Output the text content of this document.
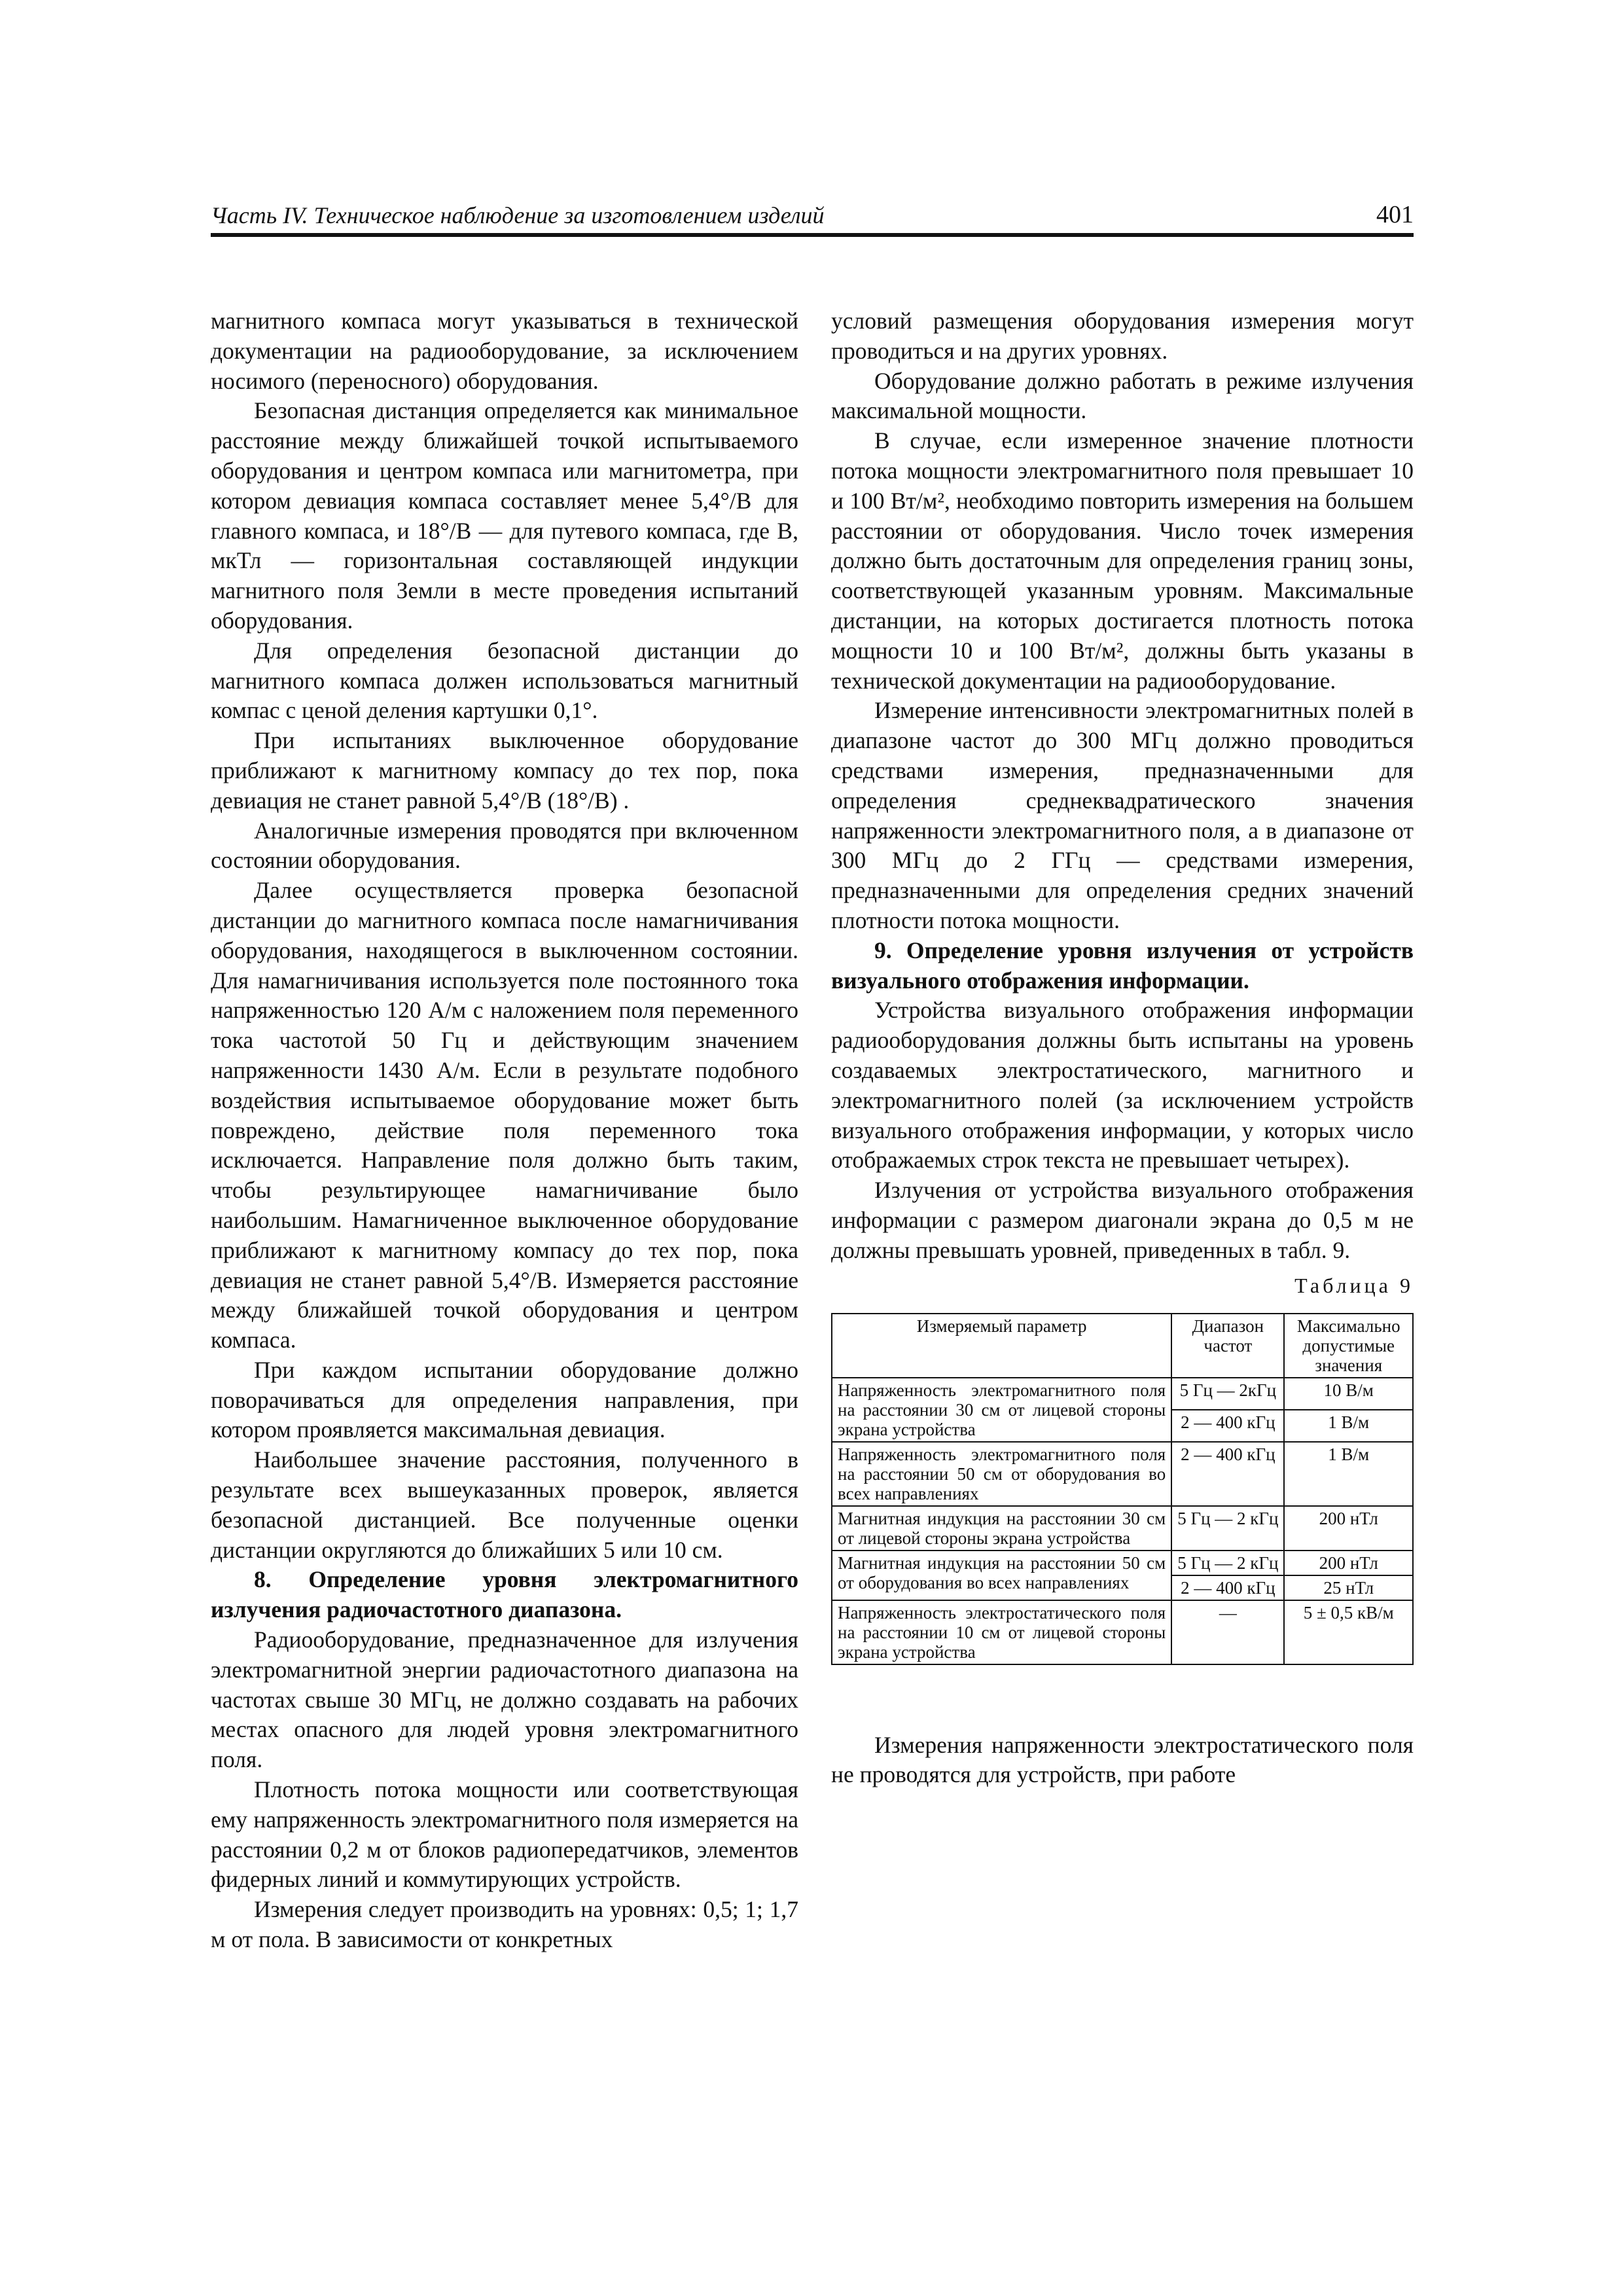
Часть IV. Техническое наблюдение за изготовлением изделий	401

магнитного компаса могут указываться в технической документации на радиооборудование, за исключением носимого (переносного) оборудования.

Безопасная дистанция определяется как минимальное расстояние между ближайшей точкой испытываемого оборудования и центром компаса или магнитометра, при котором девиация компаса составляет менее 5,4°/B для главного компаса, и 18°/B — для путевого компаса, где B, мкТл — горизонтальная составляющей индукции магнитного поля Земли в месте проведения испытаний оборудования.

Для определения безопасной дистанции до магнитного компаса должен использоваться магнитный компас с ценой деления картушки 0,1°.

При испытаниях выключенное оборудование приближают к магнитному компасу до тех пор, пока девиация не станет равной 5,4°/B (18°/B) .

Аналогичные измерения проводятся при включенном состоянии оборудования.

Далее осуществляется проверка безопасной дистанции до магнитного компаса после намагничивания оборудования, находящегося в выключенном состоянии. Для намагничивания используется поле постоянного тока напряженностью 120 А/м с наложением поля переменного тока частотой 50 Гц и действующим значением напряженности 1430 А/м. Если в результате подобного воздействия испытываемое оборудование может быть повреждено, действие поля переменного тока исключается. Направление поля должно быть таким, чтобы результирующее намагничивание было наибольшим. Намагниченное выключенное оборудование приближают к магнитному компасу до тех пор, пока девиация не станет равной 5,4°/B. Измеряется расстояние между ближайшей точкой оборудования и центром компаса.

При каждом испытании оборудование должно поворачиваться для определения направления, при котором проявляется максимальная девиация.

Наибольшее значение расстояния, полученного в результате всех вышеуказанных проверок, является безопасной дистанцией. Все полученные оценки дистанции округляются до ближайших 5 или 10 см.

8. Определение уровня электромагнитного излучения радиочастотного диапазона.

Радиооборудование, предназначенное для излучения электромагнитной энергии радиочастотного диапазона на частотах свыше 30 МГц, не должно создавать на рабочих местах опасного для людей уровня электромагнитного поля.

Плотность потока мощности или соответствующая ему напряженность электромагнитного поля измеряется на расстоянии 0,2 м от блоков радиопередатчиков, элементов фидерных линий и коммутирующих устройств.

Измерения следует производить на уровнях: 0,5; 1; 1,7 м от пола. В зависимости от конкретных

условий размещения оборудования измерения могут проводиться и на других уровнях.

Оборудование должно работать в режиме излучения максимальной мощности.

В случае, если измеренное значение плотности потока мощности электромагнитного поля превышает 10 и 100 Вт/м², необходимо повторить измерения на большем расстоянии от оборудования. Число точек измерения должно быть достаточным для определения границ зоны, соответствующей указанным уровням. Максимальные дистанции, на которых достигается плотность потока мощности 10 и 100 Вт/м², должны быть указаны в технической документации на радиооборудование.

Измерение интенсивности электромагнитных полей в диапазоне частот до 300 МГц должно проводиться средствами измерения, предназначенными для определения среднеквадратического значения напряженности электромагнитного поля, а в диапазоне от 300 МГц до 2 ГГц — средствами измерения, предназначенными для определения средних значений плотности потока мощности.

9. Определение уровня излучения от устройств визуального отображения информации.

Устройства визуального отображения информации радиооборудования должны быть испытаны на уровень создаваемых электростатического, магнитного и электромагнитного полей (за исключением устройств визуального отображения информации, у которых число отображаемых строк текста не превышает четырех).

Излучения от устройства визуального отображения информации с размером диагонали экрана до 0,5 м не должны превышать уровней, приведенных в табл. 9.

Таблица 9
Измеряемый параметр	Диапазон частот	Максимально допустимые значения
Напряженность электромагнитного поля на расстоянии 30 см от лицевой стороны экрана устройства	5 Гц — 2кГц	10 В/м
	2 — 400 кГц	1 В/м
Напряженность электромагнитного поля на расстоянии 50 см от оборудования во всех направлениях	2 — 400 кГц	1 В/м
Магнитная индукция на расстоянии 30 см от лицевой стороны экрана устройства	5 Гц — 2 кГц	200 нТл
Магнитная индукция на расстоянии 50 см от оборудования во всех направлениях	5 Гц — 2 кГц	200 нТл
	2 — 400 кГц	25 нТл
Напряженность электростатического поля на расстоянии 10 см от лицевой стороны экрана устройства	—	5 ± 0,5 кВ/м

Измерения напряженности электростатического поля не проводятся для устройств, при работе
